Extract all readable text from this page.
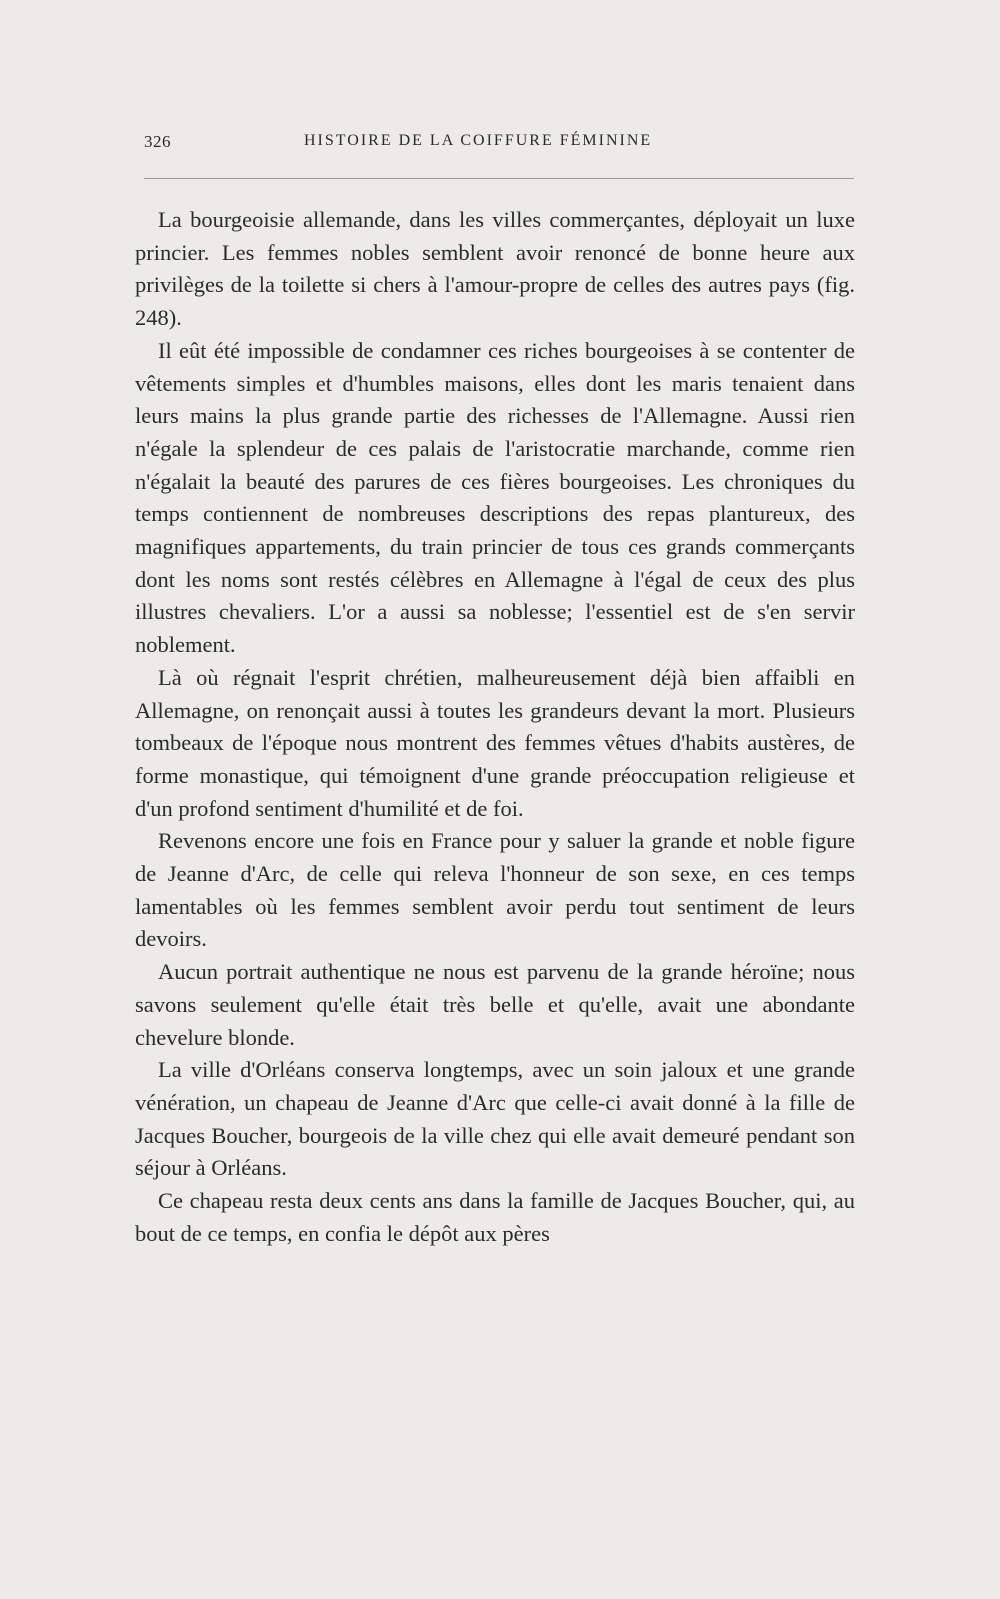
326	HISTOIRE DE LA COIFFURE FÉMININE

La bourgeoisie allemande, dans les villes commerçantes, déployait un luxe princier. Les femmes nobles semblent avoir renoncé de bonne heure aux privilèges de la toilette si chers à l'amour-propre de celles des autres pays (fig. 248).

Il eût été impossible de condamner ces riches bourgeoises à se contenter de vêtements simples et d'humbles maisons, elles dont les maris tenaient dans leurs mains la plus grande partie des richesses de l'Allemagne. Aussi rien n'égale la splendeur de ces palais de l'aristocratie marchande, comme rien n'égalait la beauté des parures de ces fières bourgeoises. Les chroniques du temps contiennent de nombreuses descriptions des repas plantureux, des magnifiques appartements, du train princier de tous ces grands commerçants dont les noms sont restés célèbres en Allemagne à l'égal de ceux des plus illustres chevaliers. L'or a aussi sa noblesse; l'essentiel est de s'en servir noblement.

Là où régnait l'esprit chrétien, malheureusement déjà bien affaibli en Allemagne, on renonçait aussi à toutes les grandeurs devant la mort. Plusieurs tombeaux de l'époque nous montrent des femmes vêtues d'habits austères, de forme monastique, qui témoignent d'une grande préoccupation religieuse et d'un profond sentiment d'humilité et de foi.

Revenons encore une fois en France pour y saluer la grande et noble figure de Jeanne d'Arc, de celle qui releva l'honneur de son sexe, en ces temps lamentables où les femmes semblent avoir perdu tout sentiment de leurs devoirs.

Aucun portrait authentique ne nous est parvenu de la grande héroïne; nous savons seulement qu'elle était très belle et qu'elle, avait une abondante chevelure blonde.

La ville d'Orléans conserva longtemps, avec un soin jaloux et une grande vénération, un chapeau de Jeanne d'Arc que celle-ci avait donné à la fille de Jacques Boucher, bourgeois de la ville chez qui elle avait demeuré pendant son séjour à Orléans.

Ce chapeau resta deux cents ans dans la famille de Jacques Boucher, qui, au bout de ce temps, en confia le dépôt aux pères
